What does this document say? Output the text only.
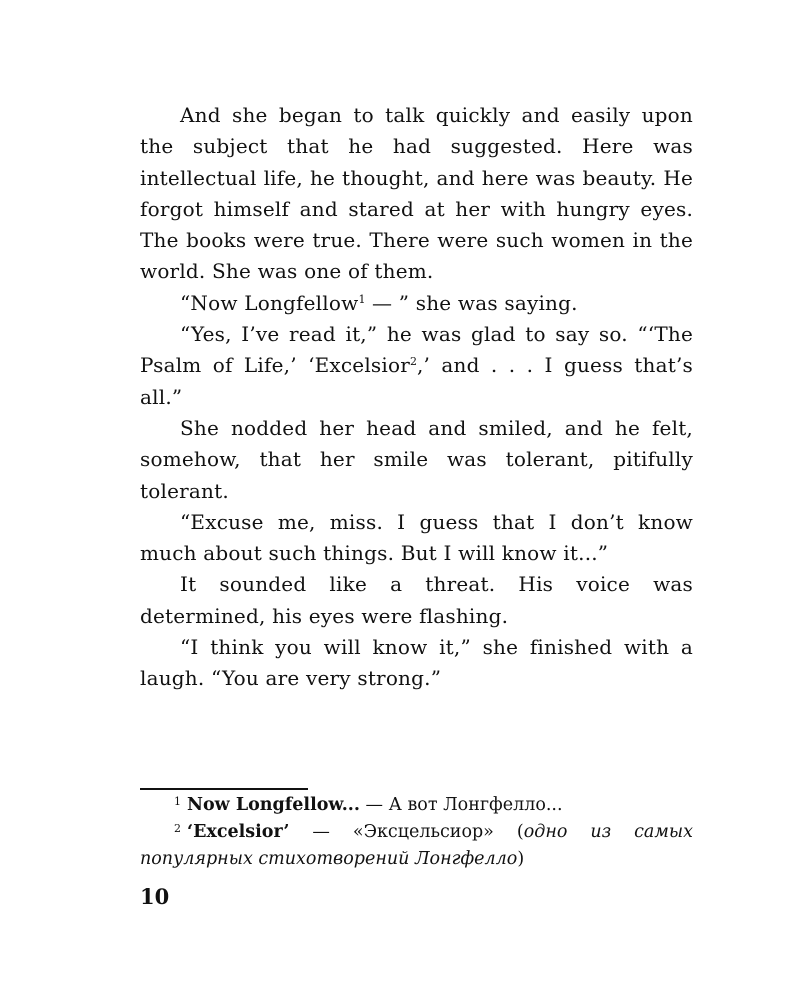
And she began to talk quickly and easily upon the subject that he had suggested. Here was intellectual life, he thought, and here was beauty. He forgot himself and stared at her with hungry eyes. The books were true. There were such women in the world. She was one of them.

“Now Longfellow$^1$ — ” she was saying.

“Yes, I’ve read it,” he was glad to say so. “‘The Psalm of Life,’ ‘Excelsior$^2$,’ and . . . I guess that’s all.”

She nodded her head and smiled, and he felt, somehow, that her smile was tolerant, pitifully tolerant.

“Excuse me, miss. I guess that I don’t know much about such things. But I will know it...”

It sounded like a threat. His voice was determined, his eyes were flashing.

“I think you will know it,” she finished with a laugh. “You are very strong.”

$^1$ Now Longfellow... — А вот Лонгфелло...

$^2$ ‘Excelsior’ — «Эксцельсиор» (одно из самых популярных стихотворений Лонгфелло)

10
